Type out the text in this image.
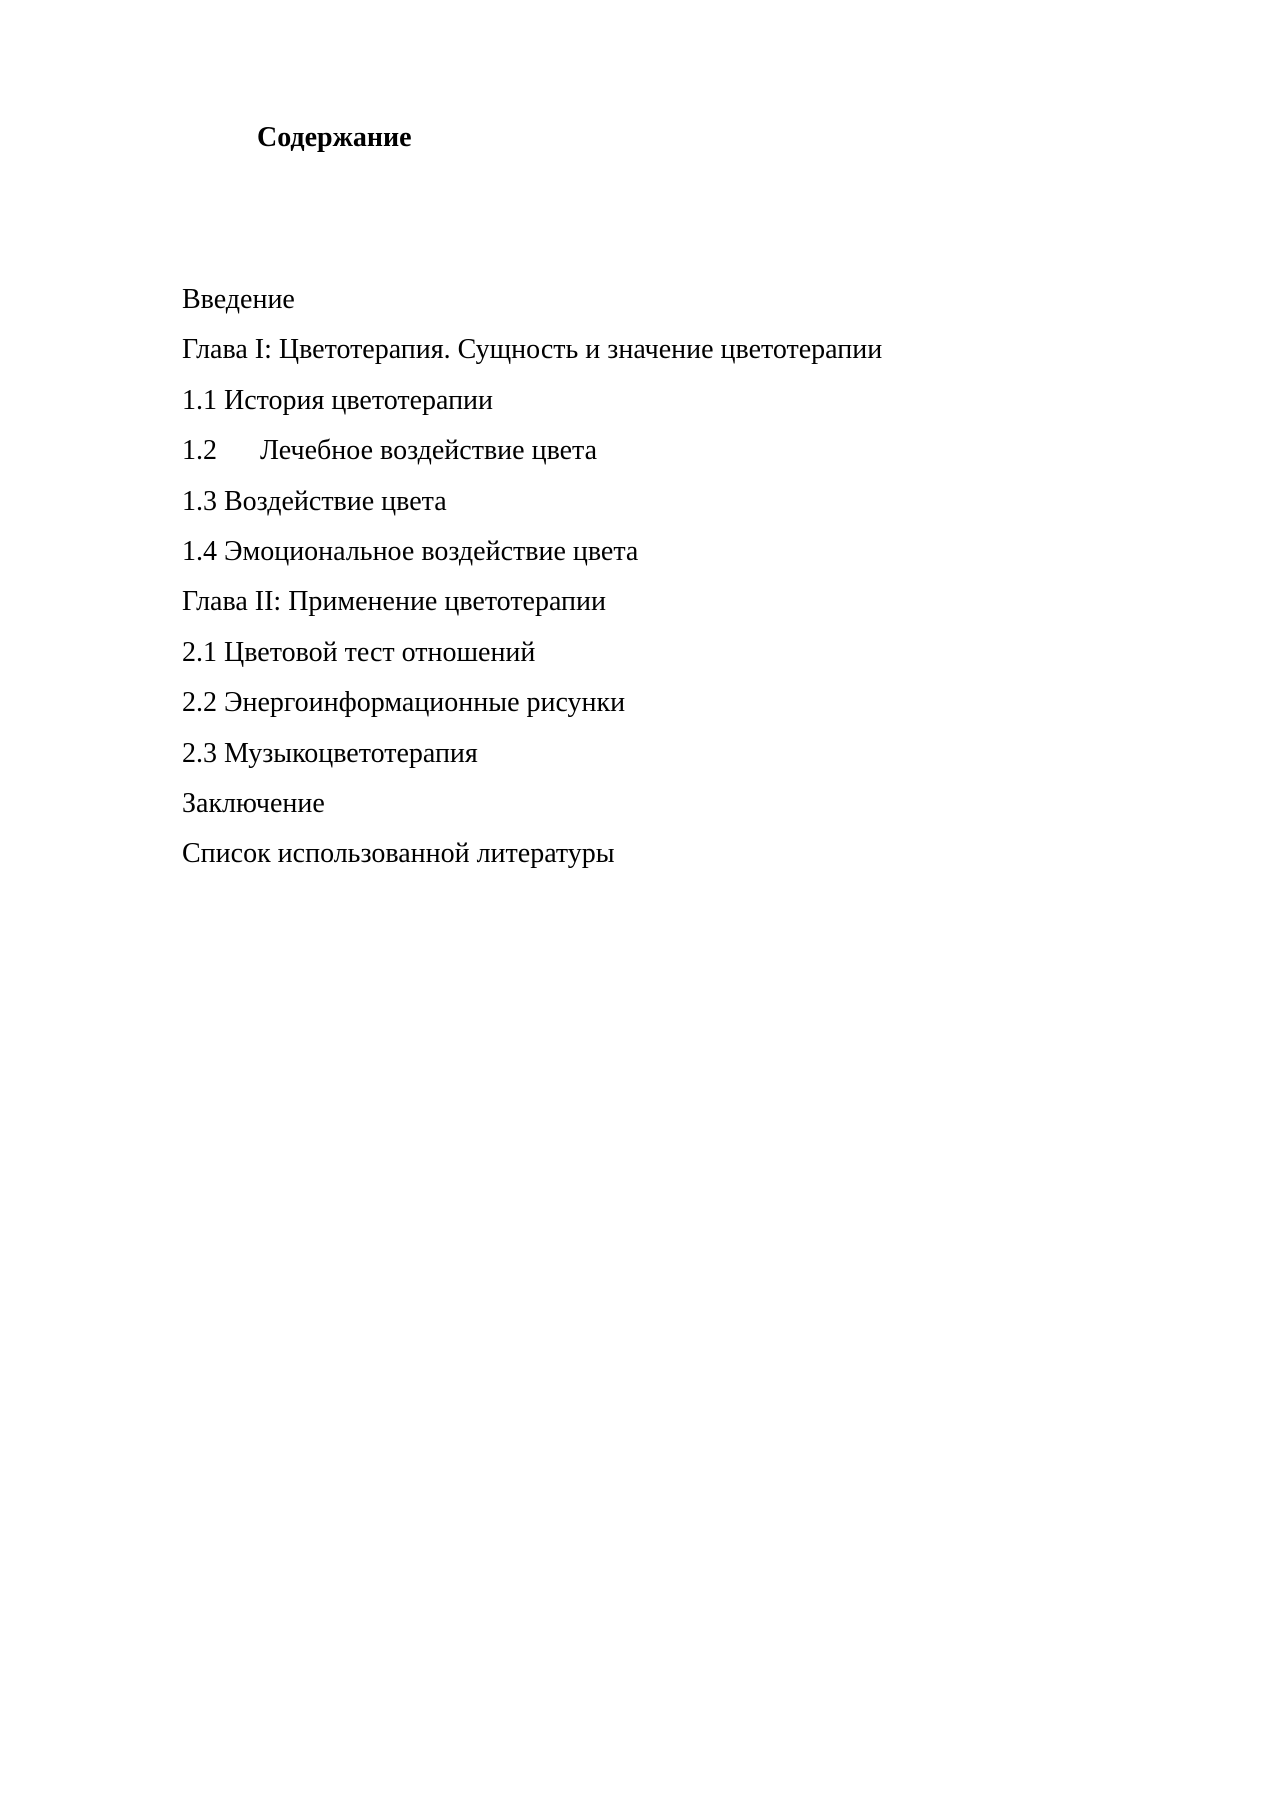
Содержание
Введение
Глава I: Цветотерапия. Сущность и значение цветотерапии
1.1 История цветотерапии
1.2 Лечебное воздействие цвета
1.3 Воздействие цвета
1.4 Эмоциональное воздействие цвета
Глава II: Применение цветотерапии
2.1 Цветовой тест отношений
2.2 Энергоинформационные рисунки
2.3 Музыкоцветотерапия
Заключение
Список использованной литературы
